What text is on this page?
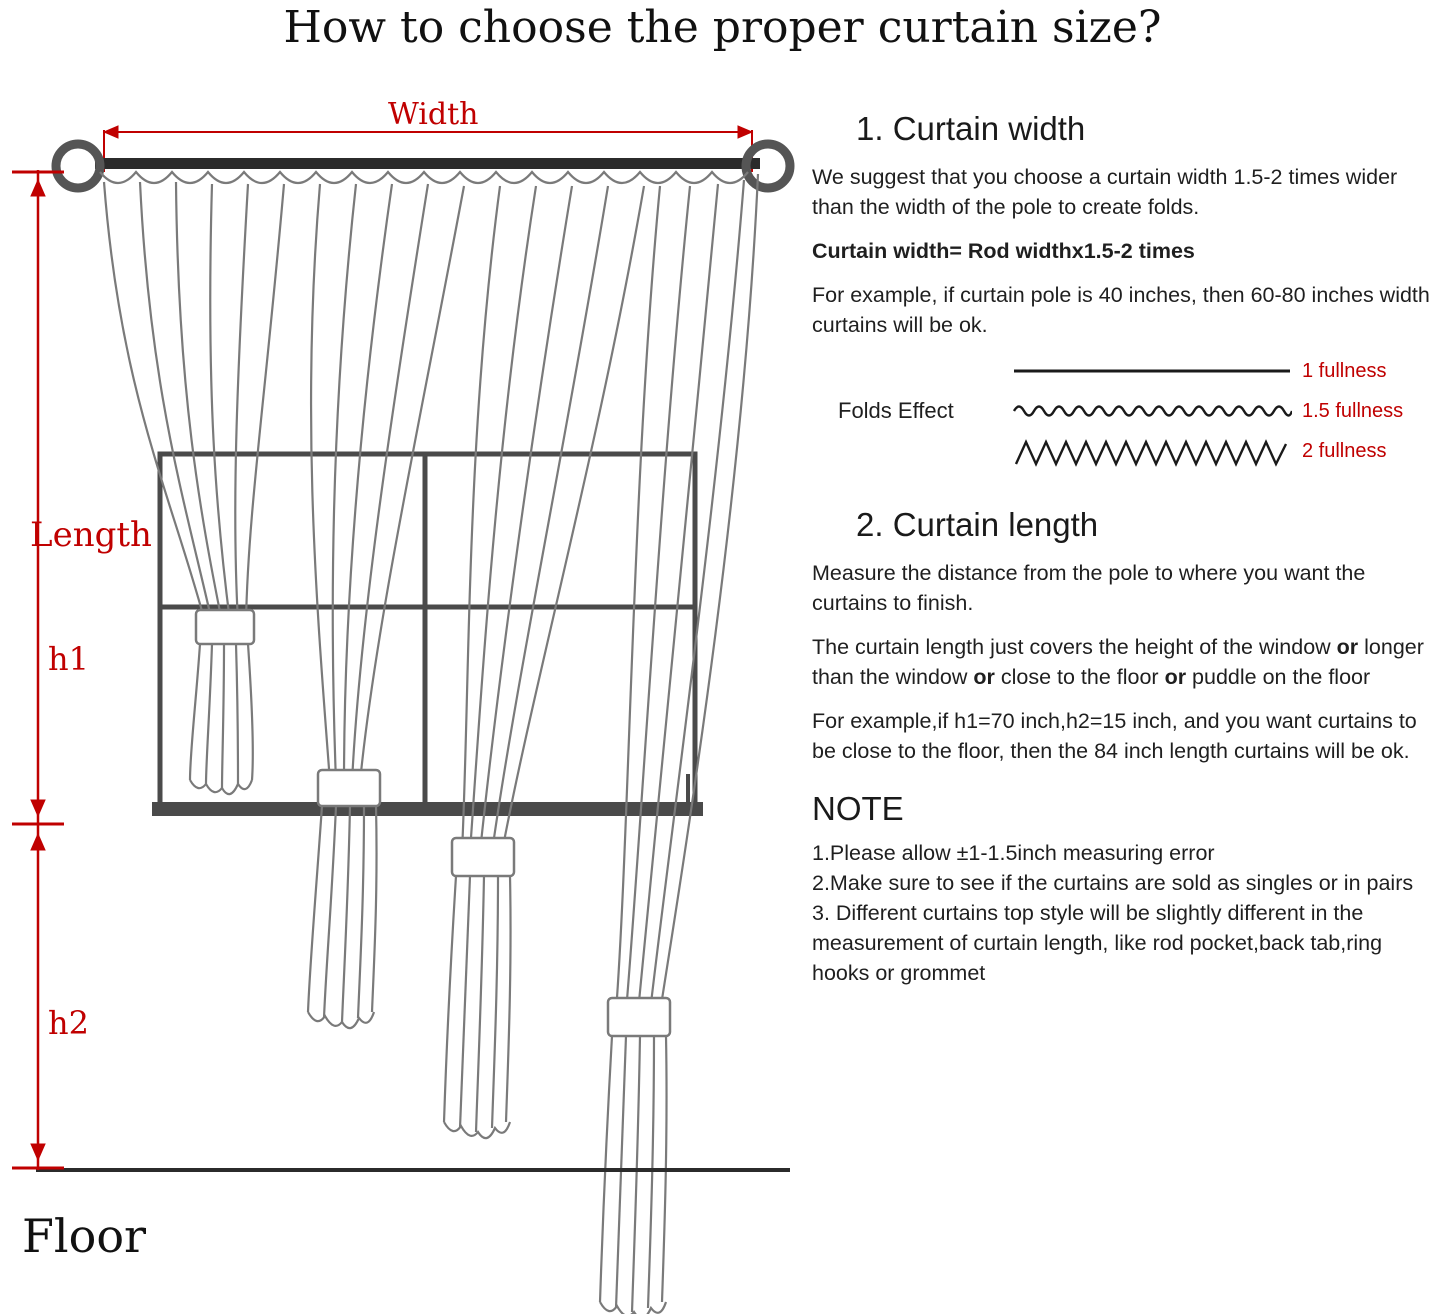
How to choose the proper curtain size?
Length
h1
h2
Floor
Width	1. Curtain width

We suggest that you choose a curtain width 1.5-2 times wider than the width of the pole to create folds.

Curtain width= Rod widthx1.5-2 times

For example, if curtain pole is 40 inches, then 60-80 inches width curtains will be ok.

Folds Effect
1 fullness
1.5 fullness
2 fullness
2. Curtain length

Measure the distance from the pole to where you want the curtains to finish.

The curtain length just covers the height of the window or longer than the window or close to the floor or puddle on the floor

For example,if h1=70 inch,h2=15 inch, and you want curtains to be close to the floor, then the 84 inch length curtains will be ok.

NOTE
1.Please allow ±1-1.5inch measuring error
2.Make sure to see if the curtains are sold as singles or in pairs
3. Different curtains top style will be slightly different in the measurement of curtain length, like rod pocket,back tab,ring hooks or grommet
